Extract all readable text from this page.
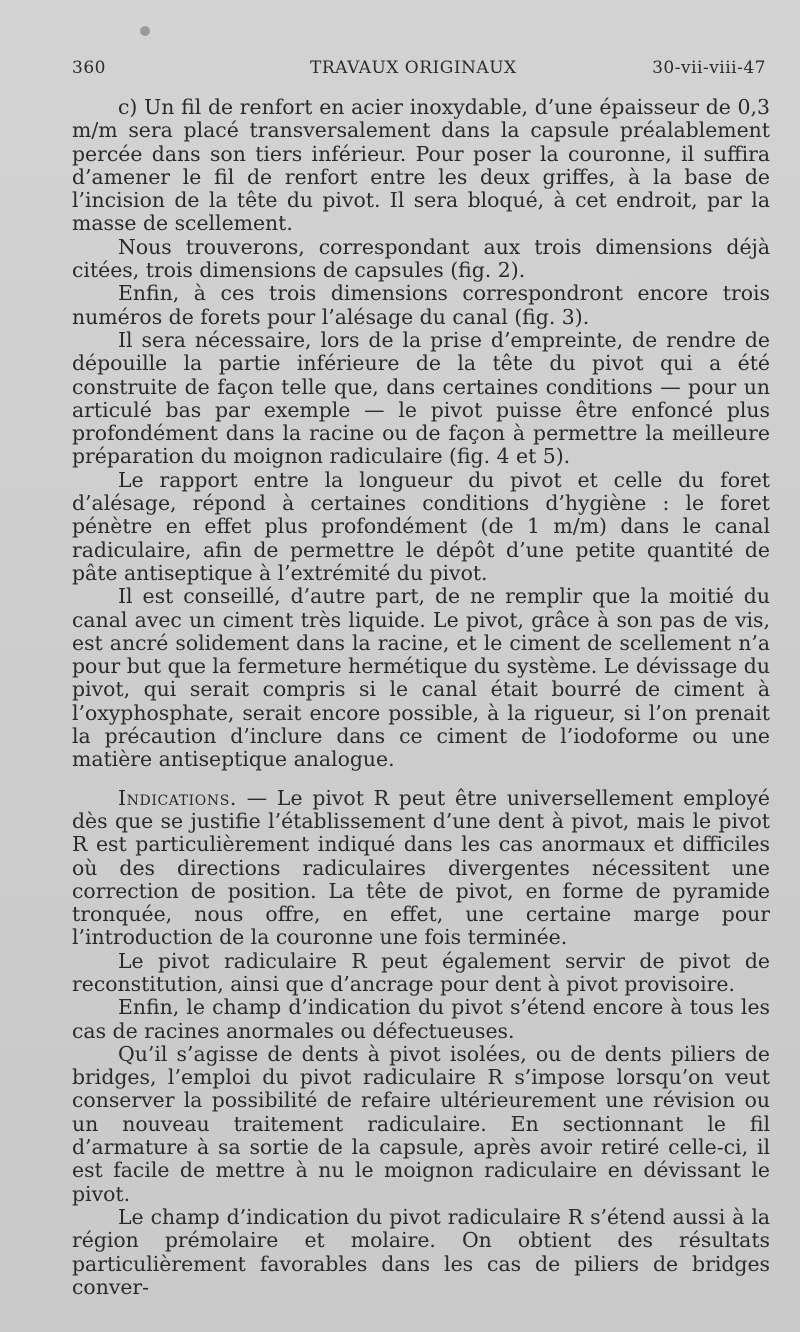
360	TRAVAUX ORIGINAUX	30-vii-viii-47

c) Un fil de renfort en acier inoxydable, d’une épaisseur de 0,3 m/m sera placé transversalement dans la capsule préalablement percée dans son tiers inférieur. Pour poser la couronne, il suffira d’amener le fil de renfort entre les deux griffes, à la base de l’incision de la tête du pivot. Il sera bloqué, à cet endroit, par la masse de scellement.

Nous trouverons, correspondant aux trois dimensions déjà citées, trois dimensions de capsules (fig. 2).

Enfin, à ces trois dimensions correspondront encore trois numéros de forets pour l’alésage du canal (fig. 3).

Il sera nécessaire, lors de la prise d’empreinte, de rendre de dépouille la partie inférieure de la tête du pivot qui a été construite de façon telle que, dans certaines conditions — pour un articulé bas par exemple — le pivot puisse être enfoncé plus profondément dans la racine ou de façon à permettre la meilleure préparation du moignon radiculaire (fig. 4 et 5).

Le rapport entre la longueur du pivot et celle du foret d’alésage, répond à certaines conditions d’hygiène : le foret pénètre en effet plus profondément (de 1 m/m) dans le canal radiculaire, afin de permettre le dépôt d’une petite quantité de pâte antiseptique à l’extrémité du pivot.

Il est conseillé, d’autre part, de ne remplir que la moitié du canal avec un ciment très liquide. Le pivot, grâce à son pas de vis, est ancré solidement dans la racine, et le ciment de scellement n’a pour but que la fermeture hermétique du système. Le dévissage du pivot, qui serait compris si le canal était bourré de ciment à l’oxyphosphate, serait encore possible, à la rigueur, si l’on prenait la précaution d’inclure dans ce ciment de l’iodoforme ou une matière antiseptique analogue.

Indications. — Le pivot R peut être universellement employé dès que se justifie l’établissement d’une dent à pivot, mais le pivot R est particulièrement indiqué dans les cas anormaux et difficiles où des directions radiculaires divergentes nécessitent une correction de position. La tête de pivot, en forme de pyramide tronquée, nous offre, en effet, une certaine marge pour l’introduction de la couronne une fois terminée.

Le pivot radiculaire R peut également servir de pivot de reconstitution, ainsi que d’ancrage pour dent à pivot provisoire.

Enfin, le champ d’indication du pivot s’étend encore à tous les cas de racines anormales ou défectueuses.

Qu’il s’agisse de dents à pivot isolées, ou de dents piliers de bridges, l’emploi du pivot radiculaire R s’impose lorsqu’on veut conserver la possibilité de refaire ultérieurement une révision ou un nouveau traitement radiculaire. En sectionnant le fil d’armature à sa sortie de la capsule, après avoir retiré celle-ci, il est facile de mettre à nu le moignon radiculaire en dévissant le pivot.

Le champ d’indication du pivot radiculaire R s’étend aussi à la région prémolaire et molaire. On obtient des résultats particulièrement favorables dans les cas de piliers de bridges conver-
